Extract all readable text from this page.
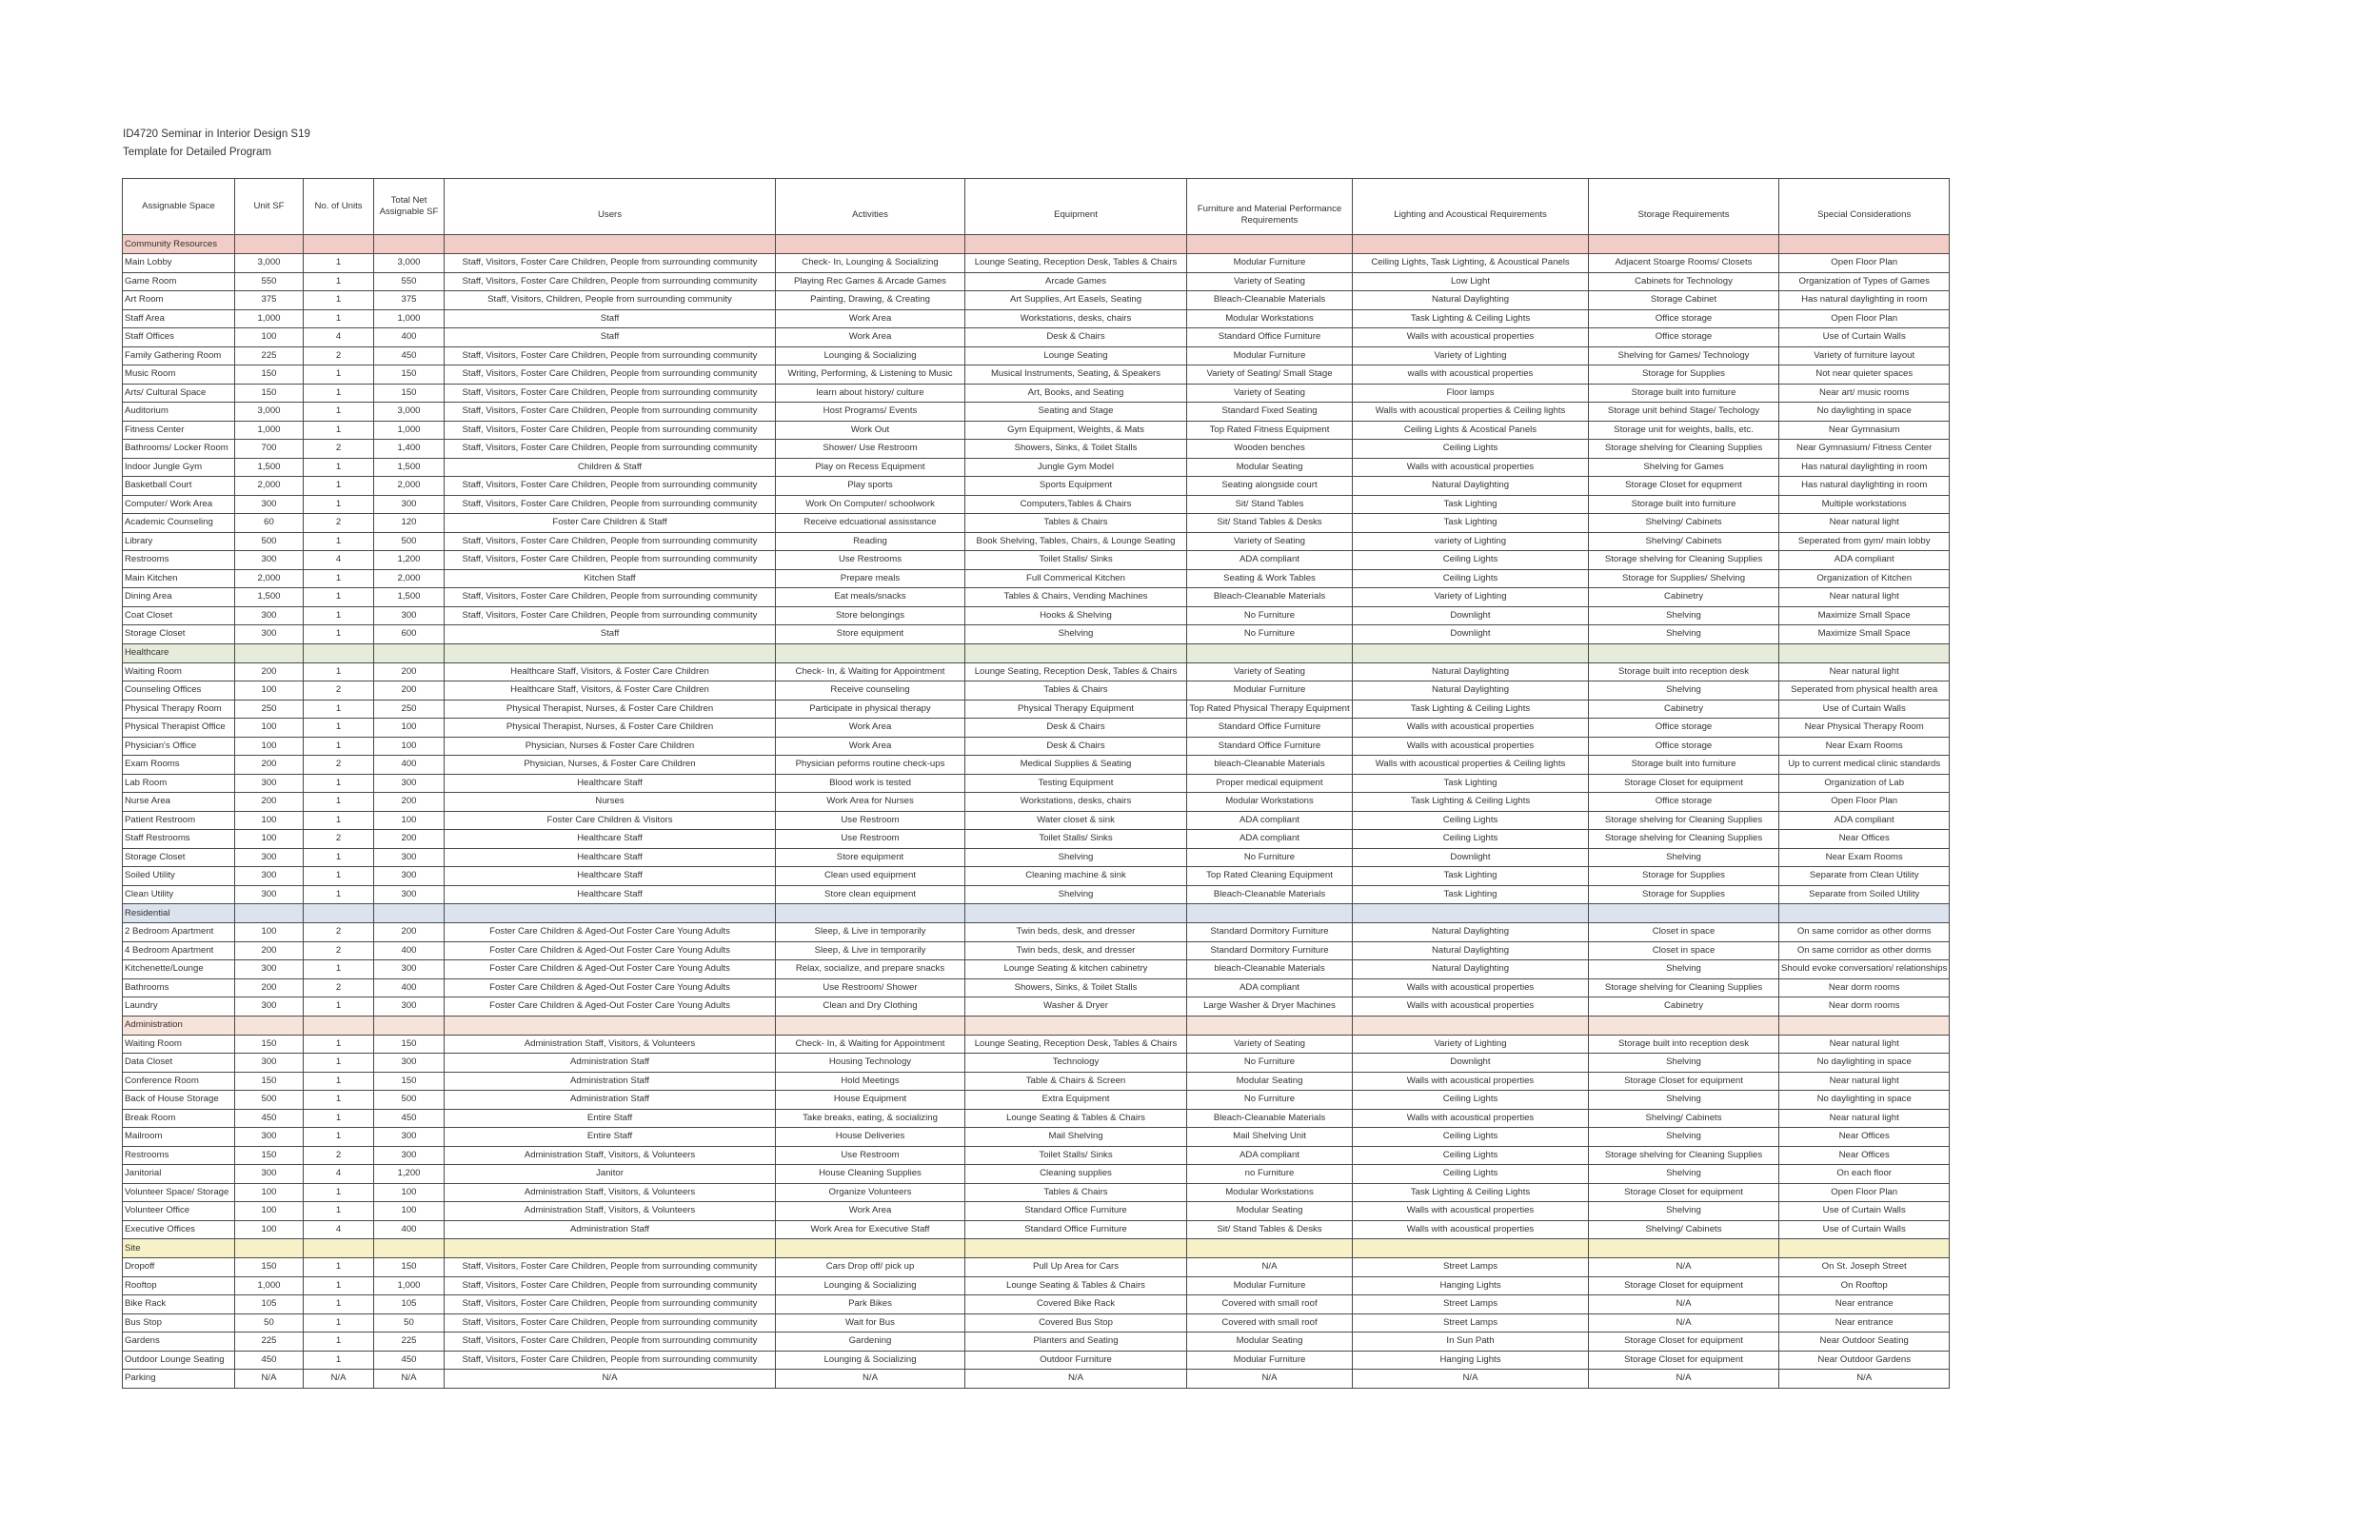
ID4720 Seminar in Interior Design S19
Template for Detailed Program
Assignable Space	Unit SF	No. of Units	Total Net Assignable SF	Users	Activities	Equipment	Furniture and Material Performance Requirements	Lighting and Acoustical Requirements	Storage Requirements	Special Considerations
Community Resources										
Main Lobby	3,000	1	3,000	Staff, Visitors, Foster Care Children, People from surrounding community	Check- In, Lounging & Socializing	Lounge Seating, Reception Desk, Tables & Chairs	Modular Furniture	Ceiling Lights, Task Lighting, & Acoustical Panels	Adjacent Stoarge Rooms/ Closets	Open Floor Plan
Game Room	550	1	550	Staff, Visitors, Foster Care Children, People from surrounding community	Playing Rec Games & Arcade Games	Arcade Games	Variety of Seating	Low Light	Cabinets for Technology	Organization of Types of Games
Art Room	375	1	375	Staff, Visitors, Children, People from surrounding community	Painting, Drawing, & Creating	Art Supplies, Art Easels, Seating	Bleach-Cleanable Materials	Natural Daylighting	Storage Cabinet	Has natural daylighting in room
Staff Area	1,000	1	1,000	Staff	Work Area	Workstations, desks, chairs	Modular Workstations	Task Lighting & Ceiling Lights	Office storage	Open Floor Plan
Staff Offices	100	4	400	Staff	Work Area	Desk & Chairs	Standard Office Furniture	Walls with acoustical properties	Office storage	Use of Curtain Walls
Family Gathering Room	225	2	450	Staff, Visitors, Foster Care Children, People from surrounding community	Lounging & Socializing	Lounge Seating	Modular Furniture	Variety of Lighting	Shelving for Games/ Technology	Variety of furniture layout
Music Room	150	1	150	Staff, Visitors, Foster Care Children, People from surrounding community	Writing, Performing, & Listening to Music	Musical Instruments, Seating, & Speakers	Variety of Seating/ Small Stage	walls with acoustical properties	Storage for Supplies	Not near quieter spaces
Arts/ Cultural Space	150	1	150	Staff, Visitors, Foster Care Children, People from surrounding community	learn about history/ culture	Art, Books, and Seating	Variety of Seating	Floor lamps	Storage built into furniture	Near art/ music rooms
Auditorium	3,000	1	3,000	Staff, Visitors, Foster Care Children, People from surrounding community	Host Programs/ Events	Seating and Stage	Standard Fixed Seating	Walls with acoustical properties & Ceiling lights	Storage unit behind Stage/ Techology	No daylighting in space
Fitness Center	1,000	1	1,000	Staff, Visitors, Foster Care Children, People from surrounding community	Work Out	Gym Equipment, Weights, & Mats	Top Rated Fitness Equipment	Ceiling Lights & Acostical Panels	Storage unit for weights, balls, etc.	Near Gymnasium
Bathrooms/ Locker Room	700	2	1,400	Staff, Visitors, Foster Care Children, People from surrounding community	Shower/ Use Restroom	Showers, Sinks, & Toilet Stalls	Wooden benches	Ceiling Lights	Storage shelving for Cleaning Supplies	Near Gymnasium/ Fitness Center
Indoor Jungle Gym	1,500	1	1,500	Children & Staff	Play on Recess Equipment	Jungle Gym Model	Modular Seating	Walls with acoustical properties	Shelving for Games	Has natural daylighting in room
Basketball Court	2,000	1	2,000	Staff, Visitors, Foster Care Children, People from surrounding community	Play sports	Sports Equipment	Seating alongside court	Natural Daylighting	Storage Closet for equpment	Has natural daylighting in room
Computer/ Work Area	300	1	300	Staff, Visitors, Foster Care Children, People from surrounding community	Work On Computer/ schoolwork	Computers,Tables & Chairs	Sit/ Stand Tables	Task Lighting	Storage built into furniture	Multiple workstations
Academic Counseling	60	2	120	Foster Care Children & Staff	Receive edcuational assisstance	Tables & Chairs	Sit/ Stand Tables & Desks	Task Lighting	Shelving/ Cabinets	Near natural light
Library	500	1	500	Staff, Visitors, Foster Care Children, People from surrounding community	Reading	Book Shelving, Tables, Chairs, & Lounge Seating	Variety of Seating	variety of Lighting	Shelving/ Cabinets	Seperated from gym/ main lobby
Restrooms	300	4	1,200	Staff, Visitors, Foster Care Children, People from surrounding community	Use Restrooms	Toilet Stalls/ Sinks	ADA compliant	Ceiling Lights	Storage shelving for Cleaning Supplies	ADA compliant
Main Kitchen	2,000	1	2,000	Kitchen Staff	Prepare meals	Full Commerical Kitchen	Seating & Work Tables	Ceiling Lights	Storage for Supplies/ Shelving	Organization of Kitchen
Dining Area	1,500	1	1,500	Staff, Visitors, Foster Care Children, People from surrounding community	Eat meals/snacks	Tables & Chairs, Vending Machines	Bleach-Cleanable Materials	Variety of Lighting	Cabinetry	Near natural light
Coat Closet	300	1	300	Staff, Visitors, Foster Care Children, People from surrounding community	Store belongings	Hooks & Shelving	No Furniture	Downlight	Shelving	Maximize Small Space
Storage Closet	300	1	600	Staff	Store equipment	Shelving	No Furniture	Downlight	Shelving	Maximize Small Space
Healthcare										
Waiting Room	200	1	200	Healthcare Staff, Visitors, & Foster Care Children	Check- In, & Waiting for Appointment	Lounge Seating, Reception Desk, Tables & Chairs	Variety of Seating	Natural Daylighting	Storage built into reception desk	Near natural light
Counseling Offices	100	2	200	Healthcare Staff, Visitors, & Foster Care Children	Receive counseling	Tables & Chairs	Modular Furniture	Natural Daylighting	Shelving	Seperated from physical health area
Physical Therapy Room	250	1	250	Physical Therapist, Nurses, & Foster Care Children	Participate in physical therapy	Physical Therapy Equipment	Top Rated Physical Therapy Equipment	Task Lighting & Ceiling Lights	Cabinetry	Use of Curtain Walls
Physical Therapist Office	100	1	100	Physical Therapist, Nurses, & Foster Care Children	Work Area	Desk & Chairs	Standard Office Furniture	Walls with acoustical properties	Office storage	Near Physical Therapy Room
Physician's Office	100	1	100	Physician, Nurses & Foster Care Children	Work Area	Desk & Chairs	Standard Office Furniture	Walls with acoustical properties	Office storage	Near Exam Rooms
Exam Rooms	200	2	400	Physician, Nurses, & Foster Care Children	Physician peforms routine check-ups	Medical Supplies & Seating	bleach-Cleanable Materials	Walls with acoustical properties & Ceiling lights	Storage built into furniture	Up to current medical clinic standards
Lab Room	300	1	300	Healthcare Staff	Blood work is tested	Testing Equipment	Proper medical equipment	Task Lighting	Storage Closet for equipment	Organization of Lab
Nurse Area	200	1	200	Nurses	Work Area for Nurses	Workstations, desks, chairs	Modular Workstations	Task Lighting & Ceiling Lights	Office storage	Open Floor Plan
Patient Restroom	100	1	100	Foster Care Children & Visitors	Use Restroom	Water closet & sink	ADA compliant	Ceiling Lights	Storage shelving for Cleaning Supplies	ADA compliant
Staff Restrooms	100	2	200	Healthcare Staff	Use Restroom	Toilet Stalls/ Sinks	ADA compliant	Ceiling Lights	Storage shelving for Cleaning Supplies	Near Offices
Storage Closet	300	1	300	Healthcare Staff	Store equipment	Shelving	No Furniture	Downlight	Shelving	Near Exam Rooms
Soiled Utility	300	1	300	Healthcare Staff	Clean used equipment	Cleaning machine & sink	Top Rated Cleaning Equipment	Task Lighting	Storage for Supplies	Separate from Clean Utility
Clean Utility	300	1	300	Healthcare Staff	Store clean equipment	Shelving	Bleach-Cleanable Materials	Task Lighting	Storage for Supplies	Separate from Soiled Utility
Residential										
2 Bedroom Apartment	100	2	200	Foster Care Children & Aged-Out Foster Care Young Adults	Sleep, & Live in temporarily	Twin beds, desk, and dresser	Standard Dormitory Furniture	Natural Daylighting	Closet in space	On same corridor as other dorms
4 Bedroom Apartment	200	2	400	Foster Care Children & Aged-Out Foster Care Young Adults	Sleep, & Live in temporarily	Twin beds, desk, and dresser	Standard Dormitory Furniture	Natural Daylighting	Closet in space	On same corridor as other dorms
Kitchenette/Lounge	300	1	300	Foster Care Children & Aged-Out Foster Care Young Adults	Relax, socialize, and prepare snacks	Lounge Seating & kitchen cabinetry	bleach-Cleanable Materials	Natural Daylighting	Shelving	Should evoke conversation/ relationships
Bathrooms	200	2	400	Foster Care Children & Aged-Out Foster Care Young Adults	Use Restroom/ Shower	Showers, Sinks, & Toilet Stalls	ADA compliant	Walls with acoustical properties	Storage shelving for Cleaning Supplies	Near dorm rooms
Laundry	300	1	300	Foster Care Children & Aged-Out Foster Care Young Adults	Clean and Dry Clothing	Washer & Dryer	Large Washer & Dryer Machines	Walls with acoustical properties	Cabinetry	Near dorm rooms
Administration										
Waiting Room	150	1	150	Administration Staff, Visitors, & Volunteers	Check- In, & Waiting for Appointment	Lounge Seating, Reception Desk, Tables & Chairs	Variety of Seating	Variety of Lighting	Storage built into reception desk	Near natural light
Data Closet	300	1	300	Administration Staff	Housing Technology	Technology	No Furniture	Downlight	Shelving	No daylighting in space
Conference Room	150	1	150	Administration Staff	Hold Meetings	Table & Chairs & Screen	Modular Seating	Walls with acoustical properties	Storage Closet for equipment	Near natural light
Back of House Storage	500	1	500	Administration Staff	House Equipment	Extra Equipment	No Furniture	Ceiling Lights	Shelving	No daylighting in space
Break Room	450	1	450	Entire Staff	Take breaks, eating, & socializing	Lounge Seating & Tables & Chairs	Bleach-Cleanable Materials	Walls with acoustical properties	Shelving/ Cabinets	Near natural light
Mailroom	300	1	300	Entire Staff	House Deliveries	Mail Shelving	Mail Shelving Unit	Ceiling Lights	Shelving	Near Offices
Restrooms	150	2	300	Administration Staff, Visitors, & Volunteers	Use Restroom	Toilet Stalls/ Sinks	ADA compliant	Ceiling Lights	Storage shelving for Cleaning Supplies	Near Offices
Janitorial	300	4	1,200	Janitor	House Cleaning Supplies	Cleaning supplies	no Furniture	Ceiling Lights	Shelving	On each floor
Volunteer Space/ Storage	100	1	100	Administration Staff, Visitors, & Volunteers	Organize Volunteers	Tables & Chairs	Modular Workstations	Task Lighting & Ceiling Lights	Storage Closet for equipment	Open Floor Plan
Volunteer Office	100	1	100	Administration Staff, Visitors, & Volunteers	Work Area	Standard Office Furniture	Modular Seating	Walls with acoustical properties	Shelving	Use of Curtain Walls
Executive Offices	100	4	400	Administration Staff	Work Area for Executive Staff	Standard Office Furniture	Sit/ Stand Tables & Desks	Walls with acoustical properties	Shelving/ Cabinets	Use of Curtain Walls
Site										
Dropoff	150	1	150	Staff, Visitors, Foster Care Children, People from surrounding community	Cars Drop off/ pick up	Pull Up Area for Cars	N/A	Street Lamps	N/A	On St. Joseph Street
Rooftop	1,000	1	1,000	Staff, Visitors, Foster Care Children, People from surrounding community	Lounging & Socializing	Lounge Seating & Tables & Chairs	Modular Furniture	Hanging Lights	Storage Closet for equipment	On Rooftop
Bike Rack	105	1	105	Staff, Visitors, Foster Care Children, People from surrounding community	Park Bikes	Covered Bike Rack	Covered with small roof	Street Lamps	N/A	Near entrance
Bus Stop	50	1	50	Staff, Visitors, Foster Care Children, People from surrounding community	Wait for Bus	Covered Bus Stop	Covered with small roof	Street Lamps	N/A	Near entrance
Gardens	225	1	225	Staff, Visitors, Foster Care Children, People from surrounding community	Gardening	Planters and Seating	Modular Seating	In Sun Path	Storage Closet for equipment	Near Outdoor Seating
Outdoor Lounge Seating	450	1	450	Staff, Visitors, Foster Care Children, People from surrounding community	Lounging & Socializing	Outdoor Furniture	Modular Furniture	Hanging Lights	Storage Closet for equipment	Near Outdoor Gardens
Parking	N/A	N/A	N/A	N/A	N/A	N/A	N/A	N/A	N/A	N/A
